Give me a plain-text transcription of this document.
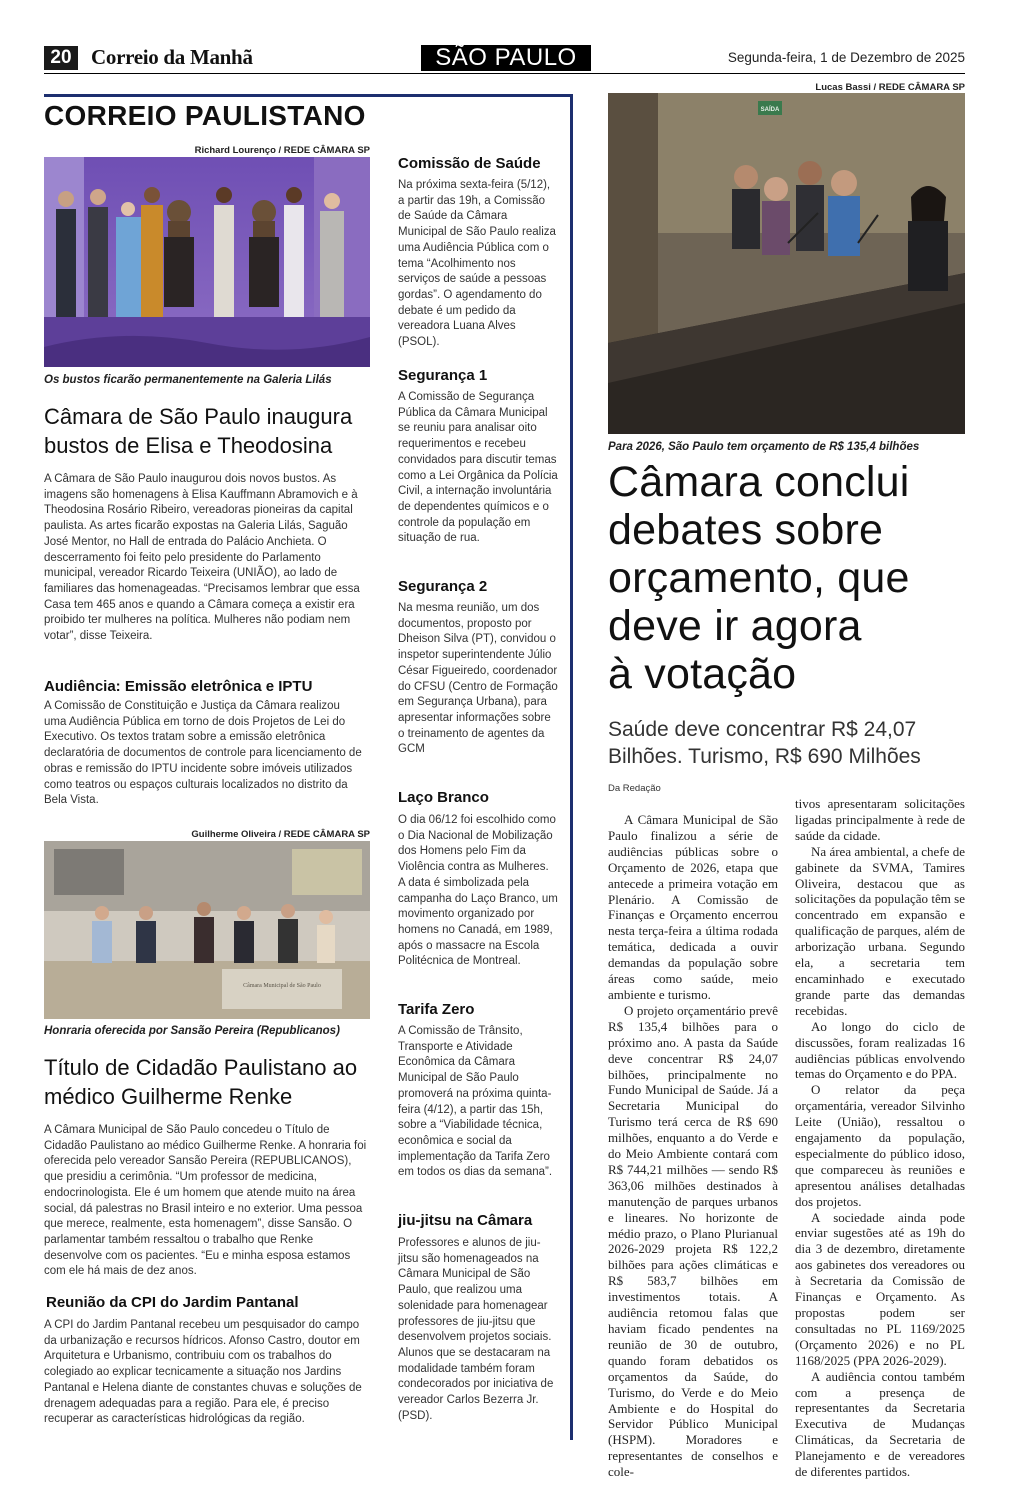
20 Correio da Manhã	SÃO PAULO	Segunda-feira, 1 de Dezembro de 2025
CORREIO PAULISTANO
Richard Lourenço / REDE CÂMARA SP
Os bustos ficarão permanentemente na Galeria Lilás
Câmara de São Paulo inaugura
bustos de Elisa e Theodosina
A Câmara de São Paulo inaugurou dois novos bustos. As imagens são homenagens à Elisa Kauffmann Abramovich e à Theodosina Rosário Ribeiro, vereadoras pioneiras da capital paulista. As artes ficarão expostas na Galeria Lilás, Saguão José Mentor, no Hall de entrada do Palácio Anchieta. O descerramento foi feito pelo presidente do Parlamento municipal, vereador Ricardo Teixeira (UNIÃO), ao lado de familiares das homenageadas. “Precisamos lembrar que essa Casa tem 465 anos e quando a Câmara começa a existir era proibido ter mulheres na política. Mulheres não podiam nem votar”, disse Teixeira.
Audiência: Emissão eletrônica e IPTU
A Comissão de Constituição e Justiça da Câmara realizou uma Audiência Pública em torno de dois Projetos de Lei do Executivo. Os textos tratam sobre a emissão eletrônica declaratória de documentos de controle para licenciamento de obras e remissão do IPTU incidente sobre imóveis utilizados como teatros ou espaços culturais localizados no distrito da Bela Vista.
Guilherme Oliveira / REDE CÂMARA SP
Câmara Municipal de São Paulo
Honraria oferecida por Sansão Pereira (Republicanos)
Título de Cidadão Paulistano ao
médico Guilherme Renke
A Câmara Municipal de São Paulo concedeu o Título de Cidadão Paulistano ao médico Guilherme Renke. A honraria foi oferecida pelo vereador Sansão Pereira (REPUBLICANOS), que presidiu a cerimônia. “Um professor de medicina, endocrinologista. Ele é um homem que atende muito na área social, dá palestras no Brasil inteiro e no exterior. Uma pessoa que merece, realmente, esta homenagem”, disse Sansão. O parlamentar também ressaltou o trabalho que Renke desenvolve com os pacientes. “Eu e minha esposa estamos com ele há mais de dez anos.
Reunião da CPI do Jardim Pantanal
A CPI do Jardim Pantanal recebeu um pesquisador do campo da urbanização e recursos hídricos. Afonso Castro, doutor em Arquitetura e Urbanismo, contribuiu com os trabalhos do colegiado ao explicar tecnicamente a situação nos Jardins Pantanal e Helena diante de constantes chuvas e soluções de drenagem adequadas para a região. Para ele, é preciso recuperar as características hidrológicas da região.
Comissão de Saúde
Na próxima sexta-feira (5/12), a partir das 19h, a Comissão de Saúde da Câmara Municipal de São Paulo realiza uma Audiência Pública com o tema “Acolhimento nos serviços de saúde a pessoas gordas”. O agendamento do debate é um pedido da vereadora Luana Alves (PSOL).
Segurança 1
A Comissão de Segurança Pública da Câmara Municipal se reuniu para analisar oito requerimentos e recebeu convidados para discutir temas como a Lei Orgânica da Polícia Civil, a internação involuntária de dependentes químicos e o controle da população em situação de rua.
Segurança 2
Na mesma reunião, um dos documentos, proposto por Dheison Silva (PT), convidou o inspetor superintendente Júlio César Figueiredo, coordenador do CFSU (Centro de Formação em Segurança Urbana), para apresentar informações sobre o treinamento de agentes da GCM
Laço Branco
O dia 06/12 foi escolhido como o Dia Nacional de Mobilização dos Homens pelo Fim da Violência contra as Mulheres. A data é simbolizada pela campanha do Laço Branco, um movimento organizado por homens no Canadá, em 1989, após o massacre na Escola Politécnica de Montreal.
Tarifa Zero
A Comissão de Trânsito, Transporte e Atividade Econômica da Câmara Municipal de São Paulo promoverá na próxima quinta-feira (4/12), a partir das 15h, sobre a “Viabilidade técnica, econômica e social da implementação da Tarifa Zero em todos os dias da semana”.
jiu-jitsu na Câmara
Professores e alunos de jiu-jitsu são homenageados na Câmara Municipal de São Paulo, que realizou uma solenidade para homenagear professores de jiu-jitsu que desenvolvem projetos sociais. Alunos que se destacaram na modalidade também foram condecorados por iniciativa de vereador Carlos Bezerra Jr. (PSD).
Lucas Bassi / REDE CÂMARA SP
SAÍDA
Para 2026, São Paulo tem orçamento de R$ 135,4 bilhões
Câmara conclui
debates sobre
orçamento, que
deve ir agora
à votação
Saúde deve concentrar R$ 24,07
Bilhões. Turismo, R$ 690 Milhões
Da Redação

A Câmara Municipal de São Paulo finalizou a série de audiências públicas sobre o Orçamento de 2026, etapa que antecede a primeira votação em Plenário. A Comissão de Finanças e Orçamento encerrou nesta terça-feira a última rodada temática, dedicada a ouvir demandas da população sobre áreas como saúde, meio ambiente e turismo.

O projeto orçamentário prevê R$ 135,4 bilhões para o próximo ano. A pasta da Saúde deve concentrar R$ 24,07 bilhões, principalmente no Fundo Municipal de Saúde. Já a Secretaria Municipal do Turismo terá cerca de R$ 690 milhões, enquanto a do Verde e do Meio Ambiente contará com R$ 744,21 milhões — sendo R$ 363,06 milhões destinados à manutenção de parques urbanos e lineares. No horizonte de médio prazo, o Plano Plurianual 2026-2029 projeta R$ 122,2 bilhões para ações climáticas e R$ 583,7 bilhões em investimentos totais. A audiência retomou falas que haviam ficado pendentes na reunião de 30 de outubro, quando foram debatidos os orçamentos da Saúde, do Turismo, do Verde e do Meio Ambiente e do Hospital do Servidor Público Municipal (HSPM). Moradores e representantes de conselhos e cole-

tivos apresentaram solicitações ligadas principalmente à rede de saúde da cidade.

Na área ambiental, a chefe de gabinete da SVMA, Tamires Oliveira, destacou que as solicitações da população têm se concentrado em expansão e qualificação de parques, além de arborização urbana. Segundo ela, a secretaria tem encaminhado e executado grande parte das demandas recebidas.

Ao longo do ciclo de discussões, foram realizadas 16 audiências públicas envolvendo temas do Orçamento e do PPA.

O relator da peça orçamentária, vereador Silvinho Leite (União), ressaltou o engajamento da população, especialmente do público idoso, que compareceu às reuniões e apresentou análises detalhadas dos projetos.

A sociedade ainda pode enviar sugestões até as 19h do dia 3 de dezembro, diretamente aos gabinetes dos vereadores ou à Secretaria da Comissão de Finanças e Orçamento. As propostas podem ser consultadas no PL 1169/2025 (Orçamento 2026) e no PL 1168/2025 (PPA 2026-2029).

A audiência contou também com a presença de representantes da Secretaria Executiva de Mudanças Climáticas, da Secretaria de Planejamento e de vereadores de diferentes partidos.
